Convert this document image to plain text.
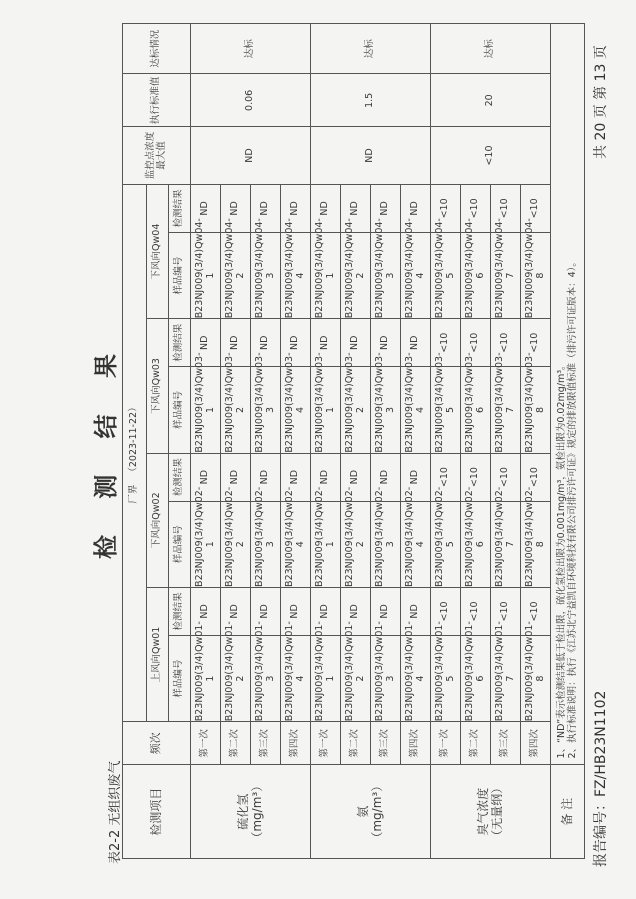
报告编号：FZ/HB23N1102
共 20 页 第 13 页
检 测 结 果
表2-2 无组织废气 检测项目	频次	厂界（2023-11-22）								监控点浓度最大值	执行标准值	达标情况
		上风向Qw01		下风向Qw02		下风向Qw03		下风向Qw04				
		样品编号	检测结果	样品编号	检测结果	样品编号	检测结果	样品编号	检测结果			

硫化氢 （mg/m³）	第一次	B23NJ009(3/4)Qw01-1	ND	B23NJ009(3/4)Qw02-1	ND	B23NJ009(3/4)Qw03-1	ND	B23NJ009(3/4)Qw04-1	ND	ND	0.06	达标
	第二次	B23NJ009(3/4)Qw01-2	ND	B23NJ009(3/4)Qw02-2	ND	B23NJ009(3/4)Qw03-2	ND	B23NJ009(3/4)Qw04-2	ND			
	第三次	B23NJ009(3/4)Qw01-3	ND	B23NJ009(3/4)Qw02-3	ND	B23NJ009(3/4)Qw03-3	ND	B23NJ009(3/4)Qw04-3	ND			
	第四次	B23NJ009(3/4)Qw01-4	ND	B23NJ009(3/4)Qw02-4	ND	B23NJ009(3/4)Qw03-4	ND	B23NJ009(3/4)Qw04-4	ND			

氨 （mg/m³）	第一次	B23NJ009(3/4)Qw01-1	ND	B23NJ009(3/4)Qw02-1	ND	B23NJ009(3/4)Qw03-1	ND	B23NJ009(3/4)Qw04-1	ND	ND	1.5	达标
	第二次	B23NJ009(3/4)Qw01-2	ND	B23NJ009(3/4)Qw02-2	ND	B23NJ009(3/4)Qw03-2	ND	B23NJ009(3/4)Qw04-2	ND			
	第三次	B23NJ009(3/4)Qw01-3	ND	B23NJ009(3/4)Qw02-3	ND	B23NJ009(3/4)Qw03-3	ND	B23NJ009(3/4)Qw04-3	ND			
	第四次	B23NJ009(3/4)Qw01-4	ND	B23NJ009(3/4)Qw02-4	ND	B23NJ009(3/4)Qw03-4	ND	B23NJ009(3/4)Qw04-4	ND			

臭气浓度 （无量纲）	第一次	B23NJ009(3/4)Qw01-5	<10	B23NJ009(3/4)Qw02-5	<10	B23NJ009(3/4)Qw03-5	<10	B23NJ009(3/4)Qw04-5	<10	<10	20	达标
	第二次	B23NJ009(3/4)Qw01-6	<10	B23NJ009(3/4)Qw02-6	<10	B23NJ009(3/4)Qw03-6	<10	B23NJ009(3/4)Qw04-6	<10			
	第三次	B23NJ009(3/4)Qw01-7	<10	B23NJ009(3/4)Qw02-7	<10	B23NJ009(3/4)Qw03-7	<10	B23NJ009(3/4)Qw04-7	<10			
	第四次	B23NJ009(3/4)Qw01-8	<10	B23NJ009(3/4)Qw02-8	<10	B23NJ009(3/4)Qw03-8	<10	B23NJ009(3/4)Qw04-8	<10			
备 注	1、“ND”表示检测结果低于检出限，硫化氢检出限为0.001mg/m³，氨检出限为0.02mg/m³。 2、执行标准说明：执行《江苏北宁益凯自环境科技有限公司排污许可证》规定的排放限值标准（排污许可证版本：4）。											
